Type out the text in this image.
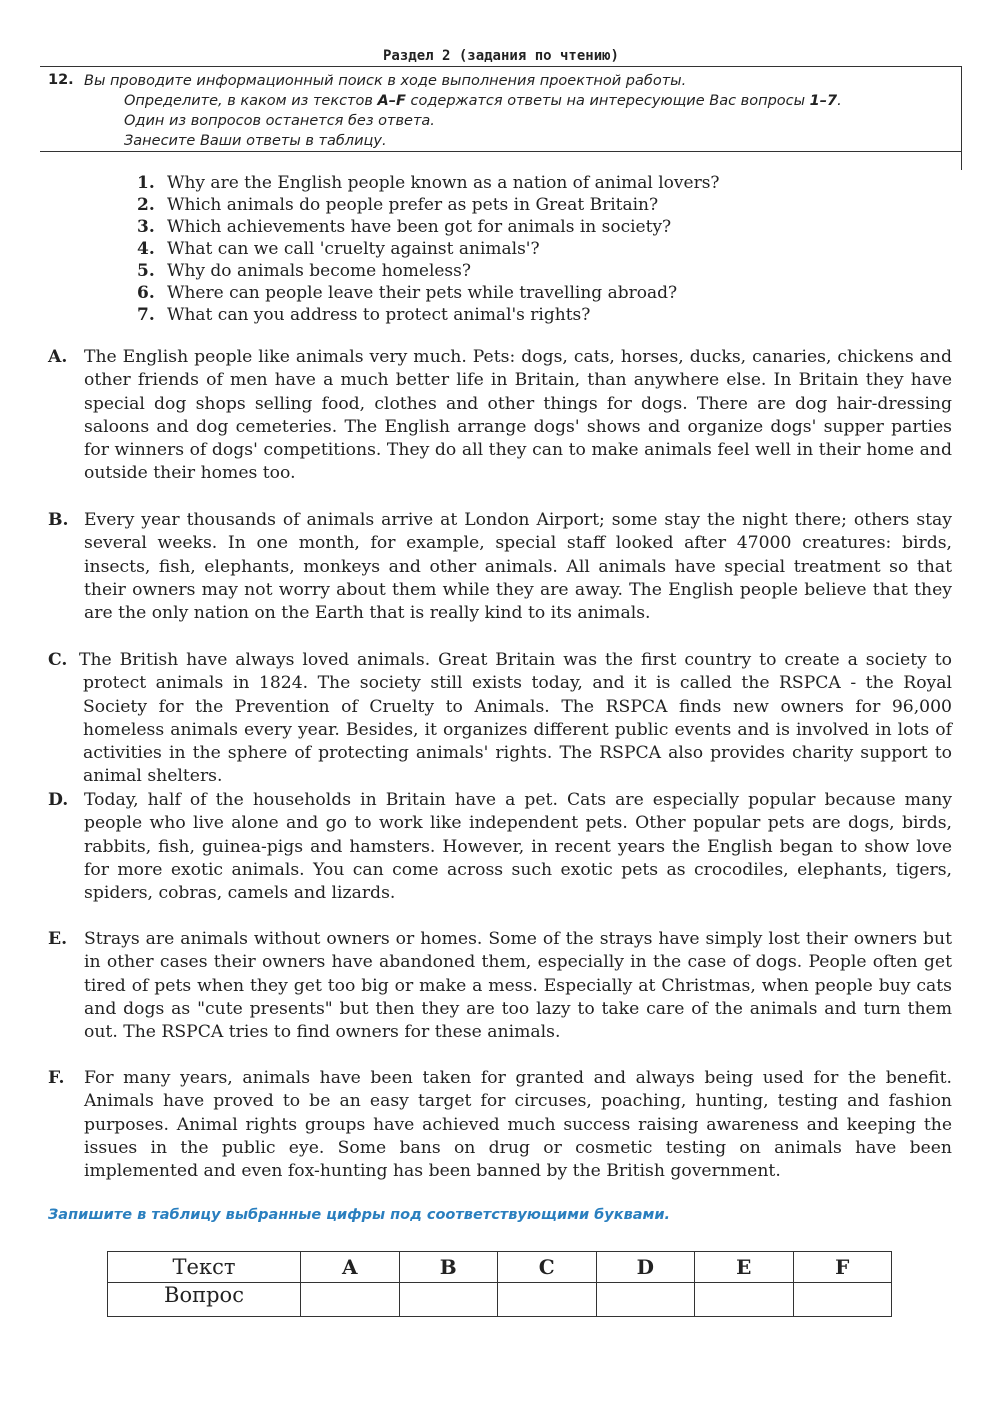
Раздел 2 (задания по чтению)
12. Вы проводите информационный поиск в ходе выполнения проектной работы.
Определите, в каком из текстов A–F содержатся ответы на интересующие Вас вопросы 1–7.
Один из вопросов останется без ответа.
Занесите Ваши ответы в таблицу.
1. Why are the English people known as a nation of animal lovers?
2. Which animals do people prefer as pets in Great Britain?
3. Which achievements have been got for animals in society?
4. What can we call 'cruelty against animals'?
5. Why do animals become homeless?
6. Where can people leave their pets while travelling abroad?
7. What can you address to protect animal's rights?
A. The English people like animals very much. Pets: dogs, cats, horses, ducks, canaries, chickens and other friends of men have a much better life in Britain, than anywhere else. In Britain they have special dog shops selling food, clothes and other things for dogs. There are dog hair-dressing saloons and dog cemeteries. The English arrange dogs' shows and organize dogs' supper parties for winners of dogs' competitions. They do all they can to make animals feel well in their home and outside their homes too.
B. Every year thousands of animals arrive at London Airport; some stay the night there; others stay several weeks. In one month, for example, special staff looked after 47000 creatures: birds, insects, fish, elephants, monkeys and other animals. All animals have special treatment so that their owners may not worry about them while they are away. The English people believe that they are the only nation on the Earth that is really kind to its animals.
C. The British have always loved animals. Great Britain was the first country to create a society to protect animals in 1824. The society still exists today, and it is called the RSPCA - the Royal Society for the Prevention of Cruelty to Animals. The RSPCA finds new owners for 96,000 homeless animals every year. Besides, it organizes different public events and is involved in lots of activities in the sphere of protecting animals' rights. The RSPCA also provides charity support to animal shelters.
D. Today, half of the households in Britain have a pet. Cats are especially popular because many people who live alone and go to work like independent pets. Other popular pets are dogs, birds, rabbits, fish, guinea-pigs and hamsters. However, in recent years the English began to show love for more exotic animals. You can come across such exotic pets as crocodiles, elephants, tigers, spiders, cobras, camels and lizards.
E. Strays are animals without owners or homes. Some of the strays have simply lost their owners but in other cases their owners have abandoned them, especially in the case of dogs. People often get tired of pets when they get too big or make a mess. Especially at Christmas, when people buy cats and dogs as "cute presents" but then they are too lazy to take care of the animals and turn them out. The RSPCA tries to find owners for these animals.
F. For many years, animals have been taken for granted and always being used for the benefit. Animals have proved to be an easy target for circuses, poaching, hunting, testing and fashion purposes. Animal rights groups have achieved much success raising awareness and keeping the issues in the public eye. Some bans on drug or cosmetic testing on animals have been implemented and even fox-hunting has been banned by the British government.
Запишите в таблицу выбранные цифры под соответствующими буквами.
Текст	A	B	C	D	E	F
Вопрос						
